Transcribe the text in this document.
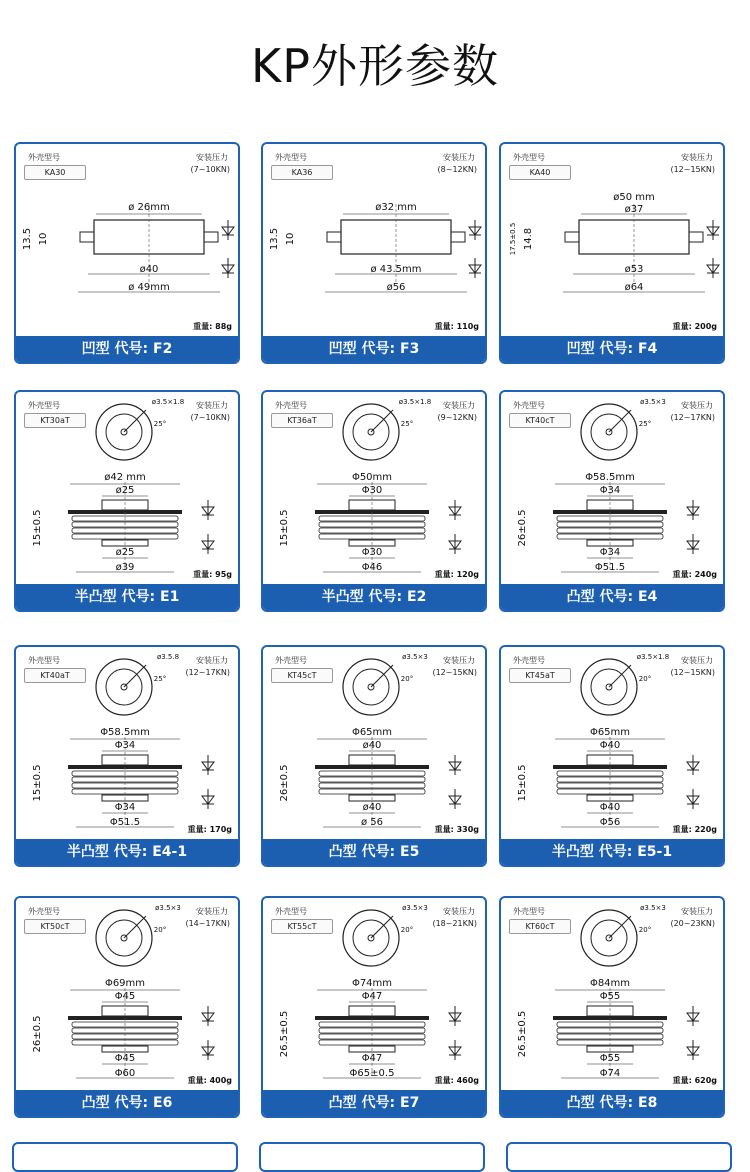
KP外形参数
外壳型号
KA30
安装压力
(7~10KN)
重量: 88g
凹型 代号: F2
ø 26mm
ø40
ø 49mm
13.5 10
外壳型号
KA36
安装压力
(8~12KN)
重量: 110g
凹型 代号: F3
ø32 mm
ø 43.5mm
ø56
13.5 10
外壳型号
KA40
安装压力
(12~15KN)
重量: 200g
凹型 代号: F4
ø50 mm
ø37
ø53
ø64
17.5±0.5 14.8
外壳型号
KT30aT
安装压力
(7~10KN)
重量: 95g
半凸型 代号: E1
ø3.5×1.8
25°
ø42 mm
ø25
ø25
ø39
15±0.5
外壳型号
KT36aT
安装压力
(9~12KN)
重量: 120g
半凸型 代号: E2
ø3.5×1.8
25°
Φ50mm
Φ30
Φ30
Φ46
15±0.5
外壳型号
KT40cT
安装压力
(12~17KN)
重量: 240g
凸型 代号: E4
ø3.5×3
25°
Φ58.5mm
Φ34
Φ34
Φ51.5
26±0.5
外壳型号
KT40aT
安装压力
(12~17KN)
重量: 170g
半凸型 代号: E4-1
ø3.5.8
25°
Φ58.5mm
Φ34
Φ34
Φ51.5
15±0.5
外壳型号
KT45cT
安装压力
(12~15KN)
重量: 330g
凸型 代号: E5
ø3.5×3
20°
Φ65mm
ø40
ø40
ø 56
26±0.5
外壳型号
KT45aT
安装压力
(12~15KN)
重量: 220g
半凸型 代号: E5-1
ø3.5×1.8
20°
Φ65mm
Φ40
Φ40
Φ56
15±0.5
外壳型号
KT50cT
安装压力
(14~17KN)
重量: 400g
凸型 代号: E6
ø3.5×3
20°
Φ69mm
Φ45
Φ45
Φ60
26±0.5
外壳型号
KT55cT
安装压力
(18~21KN)
重量: 460g
凸型 代号: E7
ø3.5×3
20°
Φ74mm
Φ47
Φ47
Φ65±0.5
26.5±0.5
外壳型号
KT60cT
安装压力
(20~23KN)
重量: 620g
凸型 代号: E8
ø3.5×3
20°
Φ84mm
Φ55
Φ55
Φ74
26.5±0.5
